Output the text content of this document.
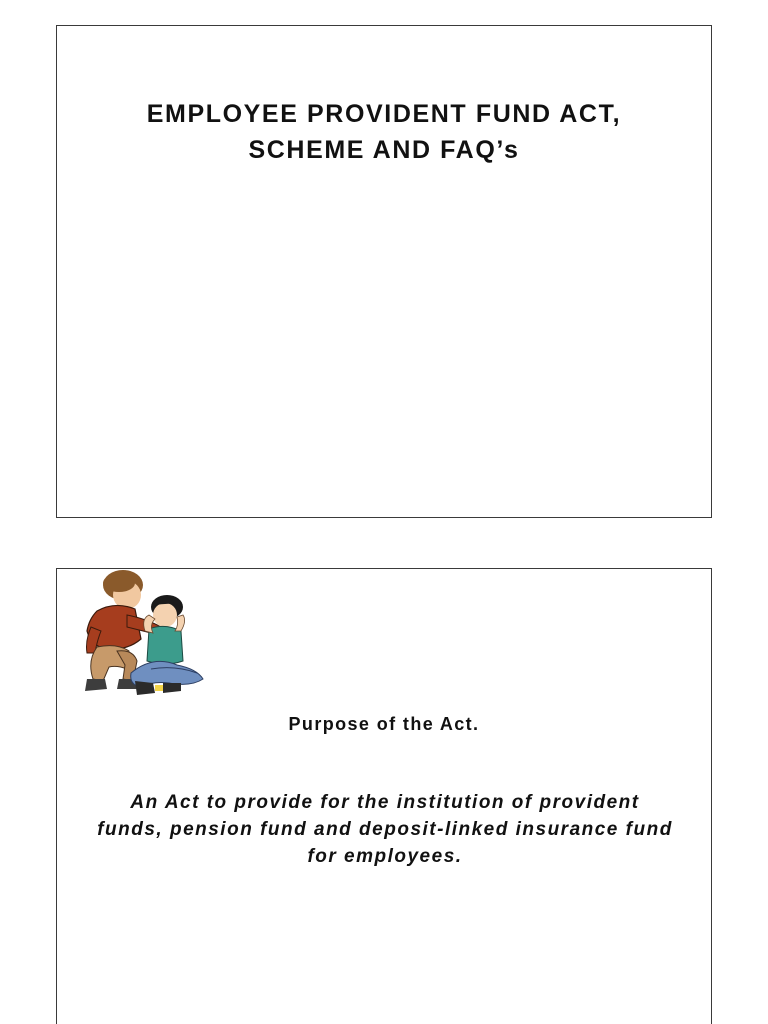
EMPLOYEE PROVIDENT FUND ACT,
SCHEME AND FAQ’s
Purpose of the Act.
An Act to provide for the institution of provident funds, pension fund and deposit-linked insurance fund for employees.
